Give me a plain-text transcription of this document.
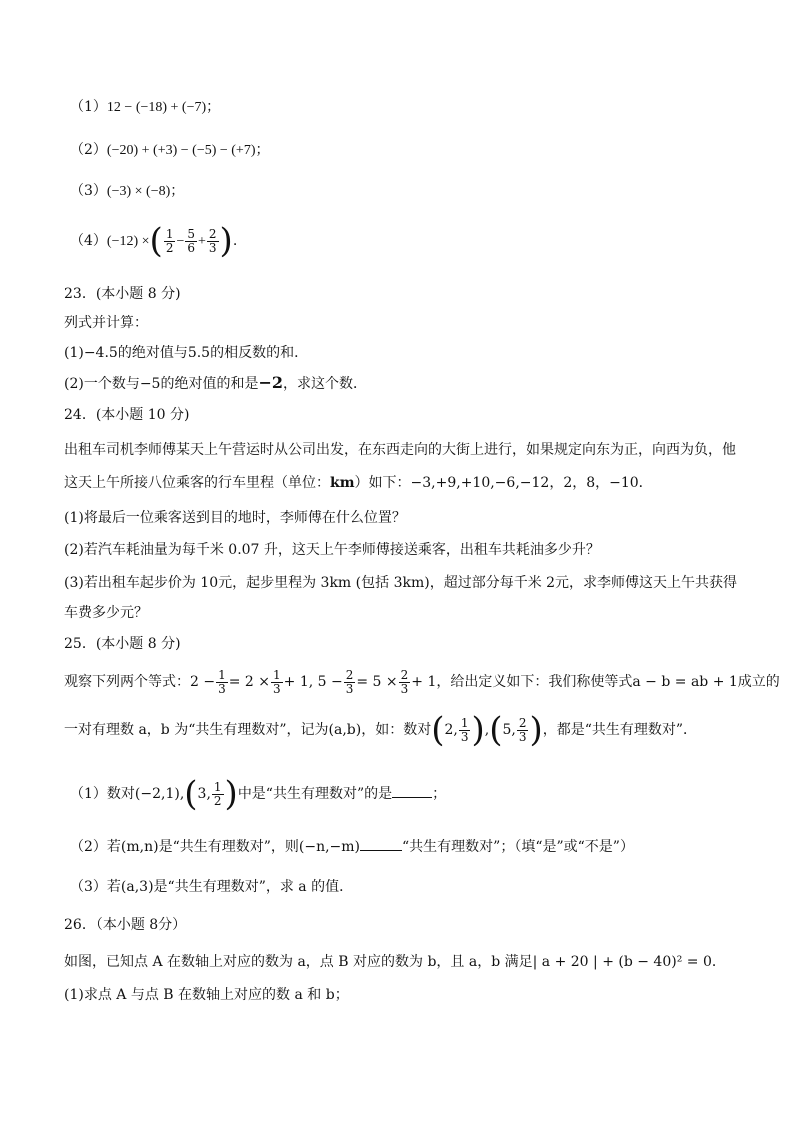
（1）12 − (−18) + (−7)；
（2）(−20) + (+3) − (−5) − (+7)；
（3）(−3) × (−8)；
（4）(−12) ×( $\frac{1}{2} - \frac{5}{6} + \frac{2}{3}$ ).
23．(本小题 8 分)
列式并计算：
(1)−4.5的绝对值与5.5的相反数的和．
(2)一个数与−5的绝对值的和是−2，求这个数．
24．(本小题 10 分)
出租车司机李师傅某天上午营运时从公司出发，在东西走向的大街上进行，如果规定向东为正，向西为负，他
这天上午所接八位乘客的行车里程（单位：km）如下：−3,+9,+10,−6,−12，2，8，−10．
(1)将最后一位乘客送到目的地时，李师傅在什么位置？
(2)若汽车耗油量为每千米 0.07 升，这天上午李师傅接送乘客，出租车共耗油多少升？
(3)若出租车起步价为 10元，起步里程为 3km (包括 3km)，超过部分每千米 2元，求李师傅这天上午共获得
车费多少元？
25．(本小题 8 分)
观察下列两个等式：$2 - \frac{1}{3} = 2 \times \frac{1}{3} + 1$, $5 - \frac{2}{3} = 5 \times \frac{2}{3} + 1$，给出定义如下：我们称使等式a − b = ab + 1成立的
一对有理数 a，b 为“共生有理数对”，记为(a,b)，如：数对(2, $\frac{1}{3} ),(5$, $\frac{2}{3}$ )，都是“共生有理数对”．
（1）数对(−2,1),(3, $\frac{1}{2}$ )中是“共生有理数对”的是	；
（2）若(m,n)是“共生有理数对”，则(−n,−m)	“共生有理数对”；（填“是”或“不是”）
（3）若(a,3)是“共生有理数对”，求 a 的值．
26．（本小题 8分）
如图，已知点 A 在数轴上对应的数为 a，点 B 对应的数为 b，且 a，b 满足| a + 20 | + (b − 40)² = 0．
(1)求点 A 与点 B 在数轴上对应的数 a 和 b；
